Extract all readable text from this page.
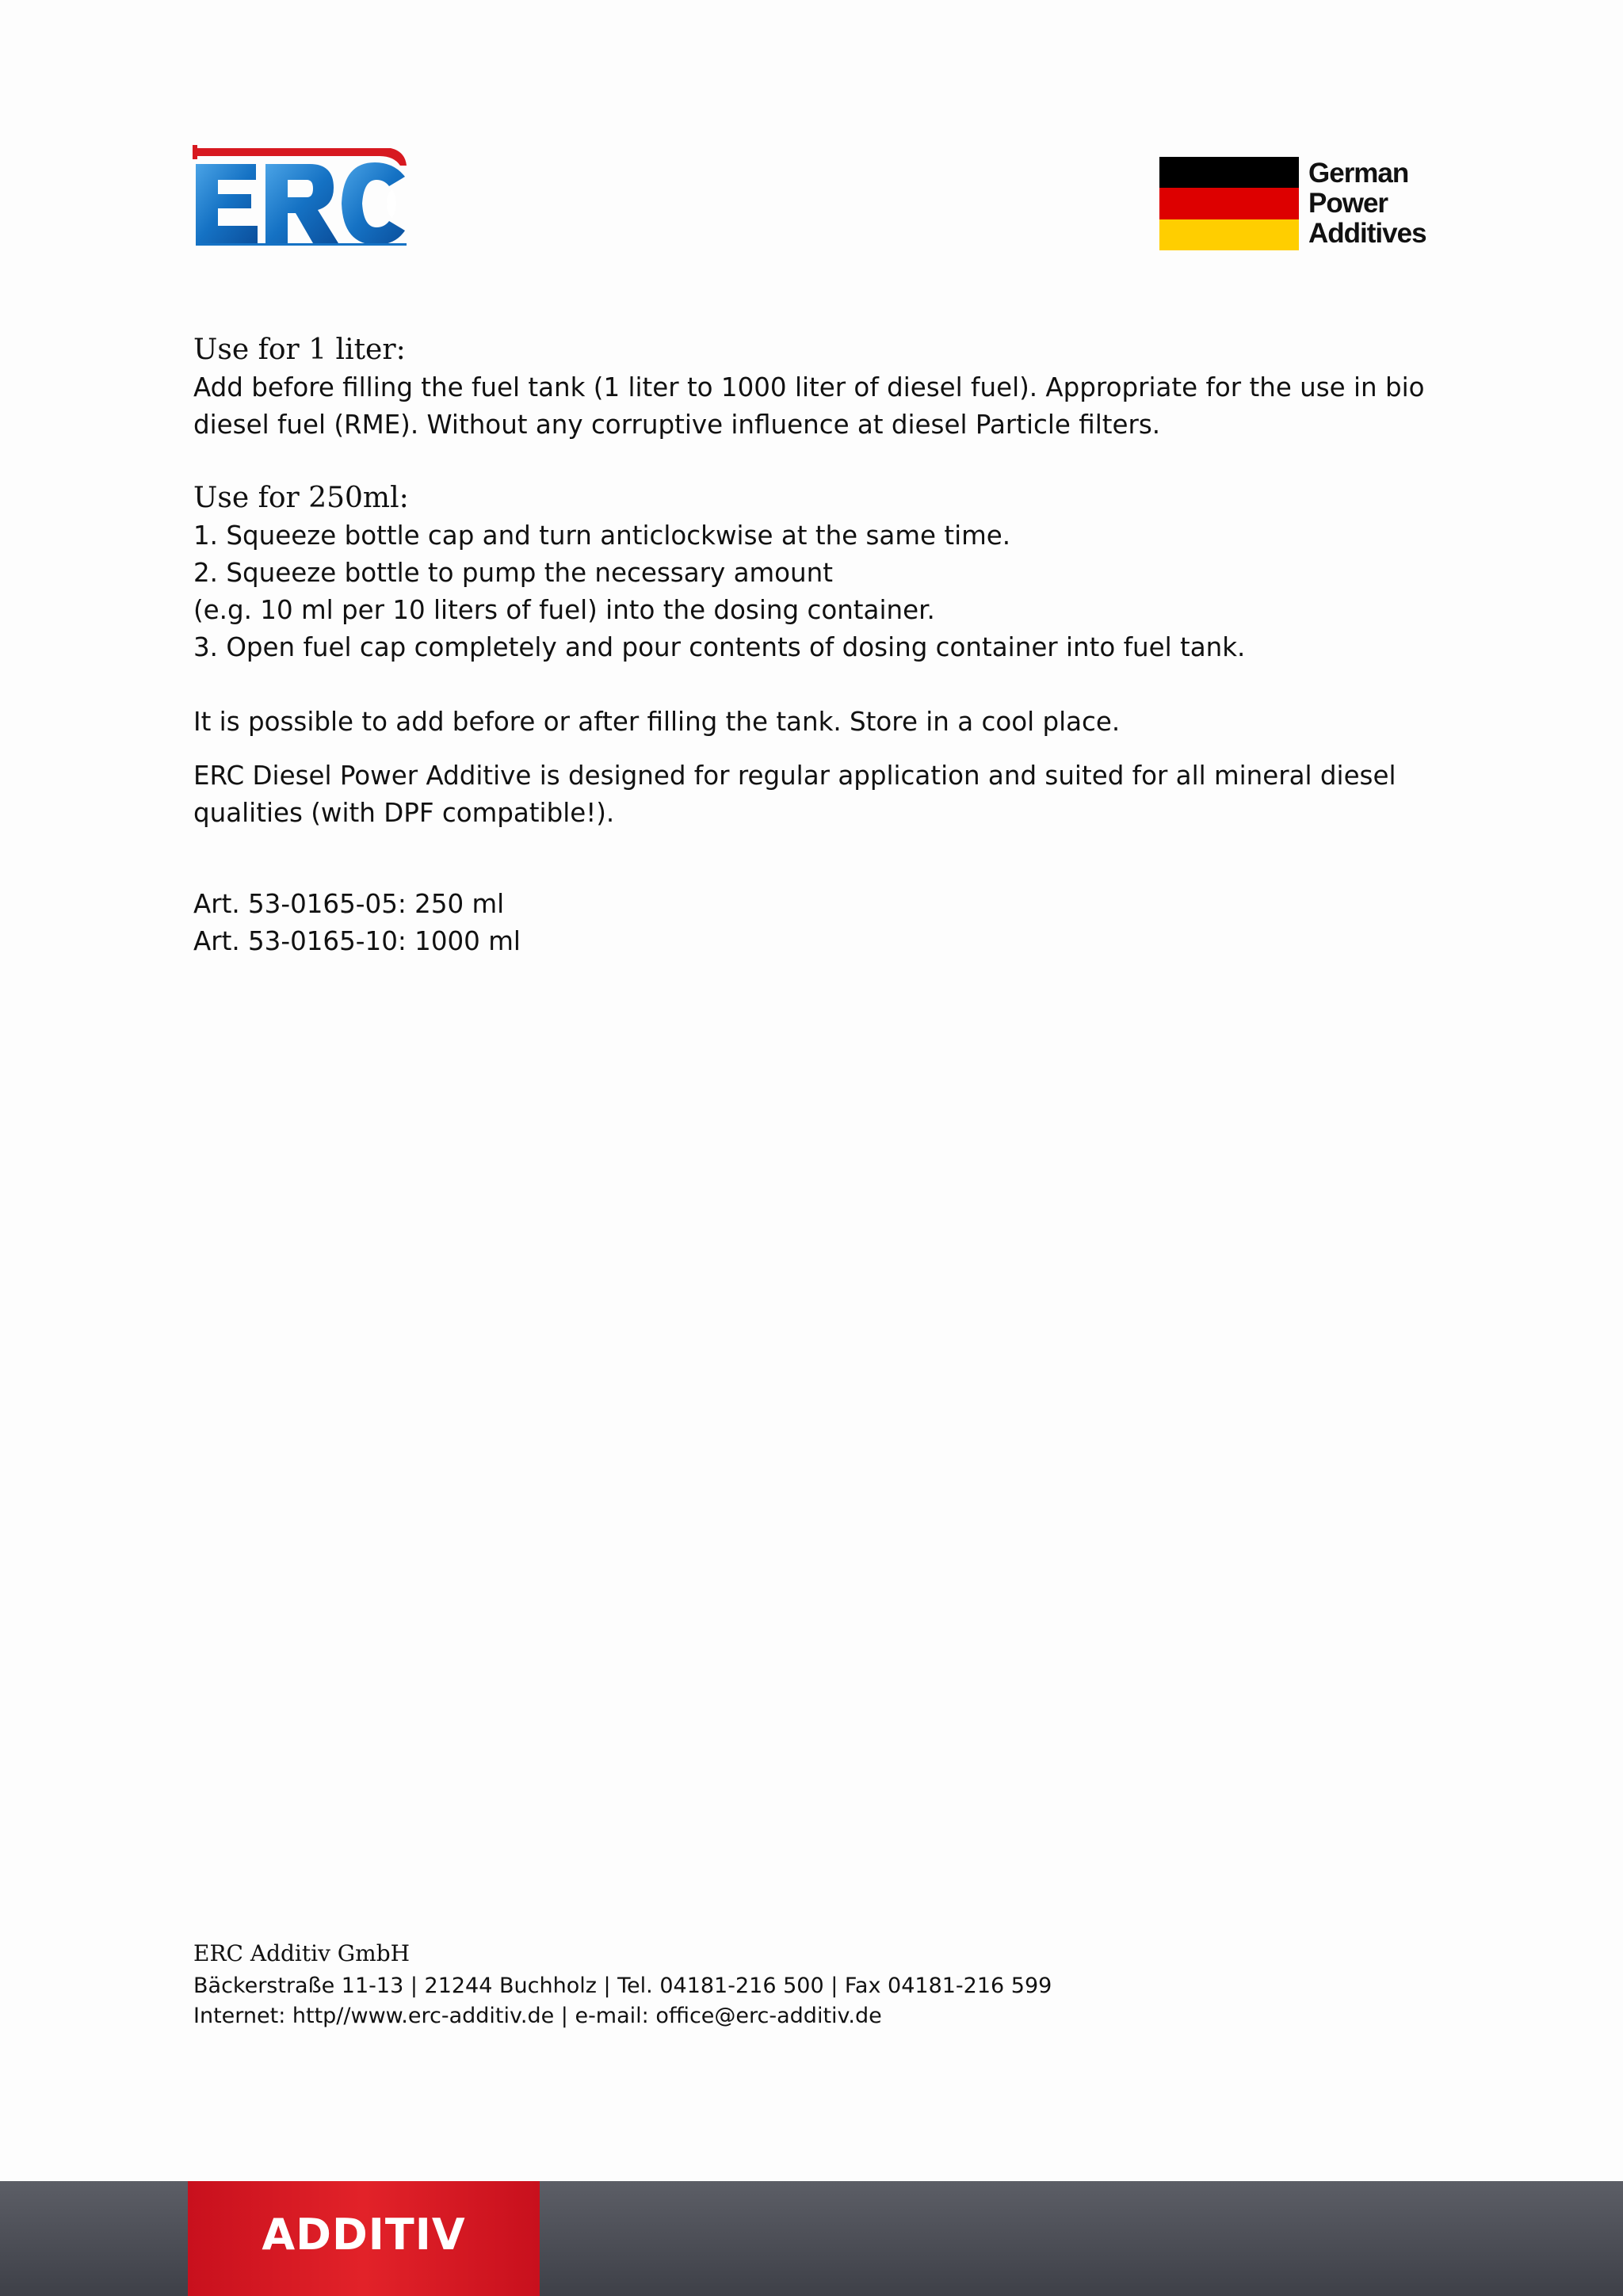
German
Power
Additives
Use for 1 liter:

Add before filling the fuel tank (1 liter to 1000 liter of diesel fuel). Appropriate for the use in bio
diesel fuel (RME). Without any corruptive influence at diesel Particle filters.

Use for 250ml:

1. Squeeze bottle cap and turn anticlockwise at the same time.
2. Squeeze bottle to pump the necessary amount
(e.g. 10 ml per 10 liters of fuel) into the dosing container.
3. Open fuel cap completely and pour contents of dosing container into fuel tank.

It is possible to add before or after filling the tank. Store in a cool place.

ERC Diesel Power Additive is designed for regular application and suited for all mineral diesel
qualities (with DPF compatible!).

Art. 53-0165-05: 250 ml
Art. 53-0165-10: 1000 ml

ERC Additiv GmbH

Bäckerstraße 11-13 | 21244 Buchholz | Tel. 04181-216 500 | Fax 04181-216 599

Internet: http//www.erc-additiv.de | e-mail: office@erc-additiv.de

ADDITIV
